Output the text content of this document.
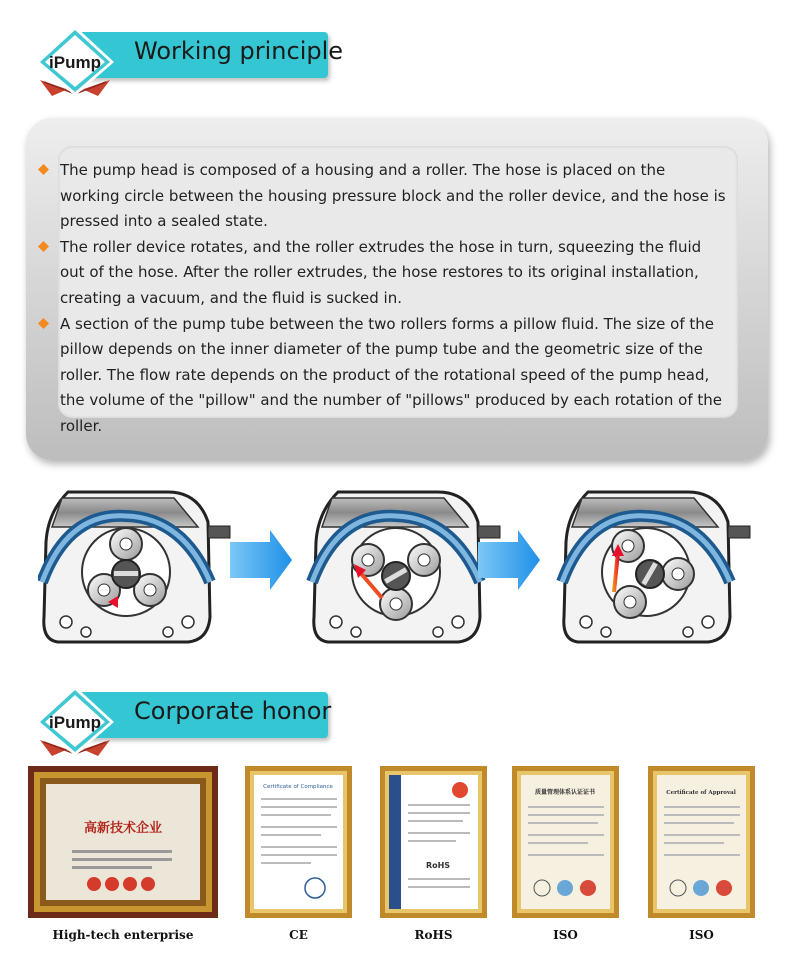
Working principle
iPump
The pump head is composed of a housing and a roller. The hose is placed on the working circle between the housing pressure block and the roller device, and the hose is pressed into a sealed state.
The roller device rotates, and the roller extrudes the hose in turn, squeezing the fluid out of the hose. After the roller extrudes, the hose restores to its original installation, creating a vacuum, and the fluid is sucked in.
A section of the pump tube between the two rollers forms a pillow fluid. The size of the pillow depends on the inner diameter of the pump tube and the geometric size of the roller. The flow rate depends on the product of the rotational speed of the pump head, the volume of the "pillow" and the number of "pillows" produced by each rotation of the roller.
Corporate honor
iPump
高新技术企业
High-tech enterprise
Certificate of Compliance
CE
RoHS
RoHS
质量管理体系认证证书
ISO
Certificate of Approval
ISO
